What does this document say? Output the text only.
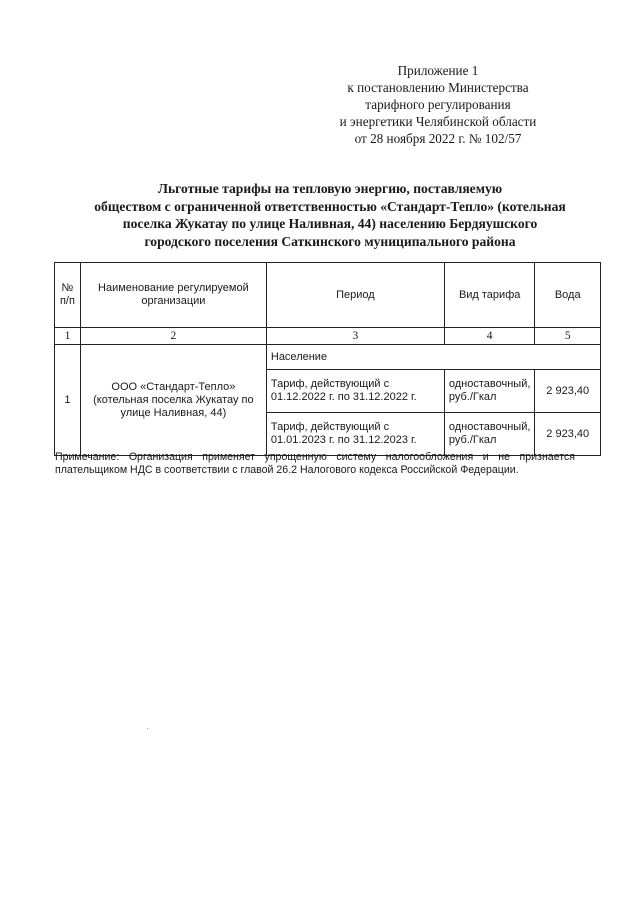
Приложение 1
к постановлению Министерства
тарифного регулирования
и энергетики Челябинской области
от 28 ноября 2022 г. № 102/57
Льготные тарифы на тепловую энергию, поставляемую
обществом с ограниченной ответственностью «Стандарт-Тепло» (котельная
поселка Жукатау по улице Наливная, 44) населению Бердяушского
городского поселения Саткинского муниципального района
№ п/п	Наименование регулируемой организации	Период	Вид тарифа	Вода
1	2	3	4	5
1	ООО «Стандарт-Тепло» (котельная поселка Жукатау по улице Наливная, 44)	Население		
		Тариф, действующий с 01.12.2022 г. по 31.12.2022 г.	одноставочный, руб./Гкал	2 923,40
		Тариф, действующий с 01.01.2023 г. по 31.12.2023 г.	одноставочный, руб./Гкал	2 923,40
Примечание: Организация применяет упрощенную систему налогообложения и не признается
плательщиком НДС в соответствии с главой 26.2 Налогового кодекса Российской Федерации.
